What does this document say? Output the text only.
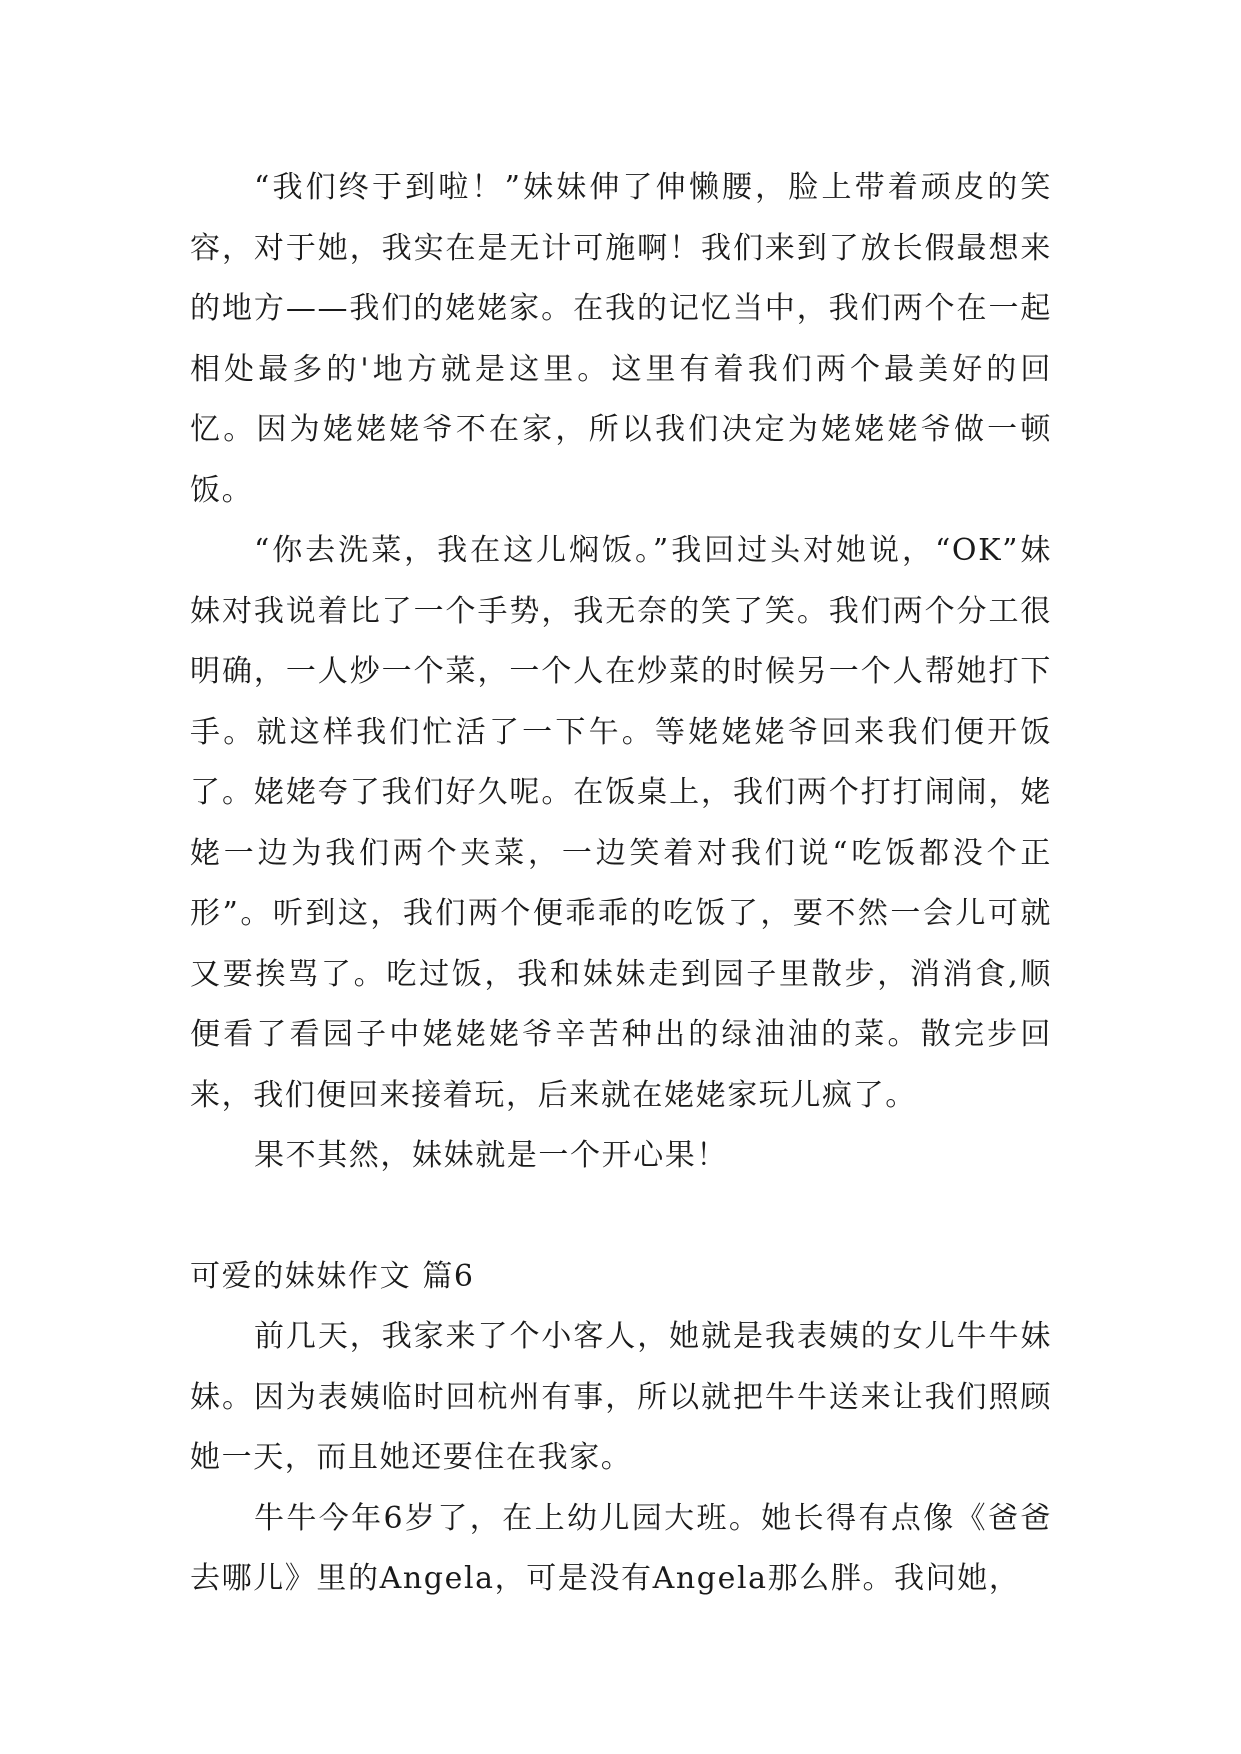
“我们终于到啦！”妹妹伸了伸懒腰，脸上带着顽皮的笑容，对于她，我实在是无计可施啊！我们来到了放长假最想来的地方——我们的姥姥家。在我的记忆当中，我们两个在一起相处最多的'地方就是这里。这里有着我们两个最美好的回忆。因为姥姥姥爷不在家，所以我们决定为姥姥姥爷做一顿饭。

“你去洗菜，我在这儿焖饭。”我回过头对她说，“OK”妹妹对我说着比了一个手势，我无奈的笑了笑。我们两个分工很明确，一人炒一个菜，一个人在炒菜的时候另一个人帮她打下手。就这样我们忙活了一下午。等姥姥姥爷回来我们便开饭了。姥姥夸了我们好久呢。在饭桌上，我们两个打打闹闹，姥姥一边为我们两个夹菜，一边笑着对我们说“吃饭都没个正形”。听到这，我们两个便乖乖的吃饭了，要不然一会儿可就又要挨骂了。吃过饭，我和妹妹走到园子里散步，消消食,顺便看了看园子中姥姥姥爷辛苦种出的绿油油的菜。散完步回来，我们便回来接着玩，后来就在姥姥家玩儿疯了。

果不其然，妹妹就是一个开心果！

可爱的妹妹作文 篇6

前几天，我家来了个小客人，她就是我表姨的女儿牛牛妹妹。因为表姨临时回杭州有事，所以就把牛牛送来让我们照顾她一天，而且她还要住在我家。

牛牛今年6岁了，在上幼儿园大班。她长得有点像《爸爸去哪儿》里的Angela，可是没有Angela那么胖。我问她，
